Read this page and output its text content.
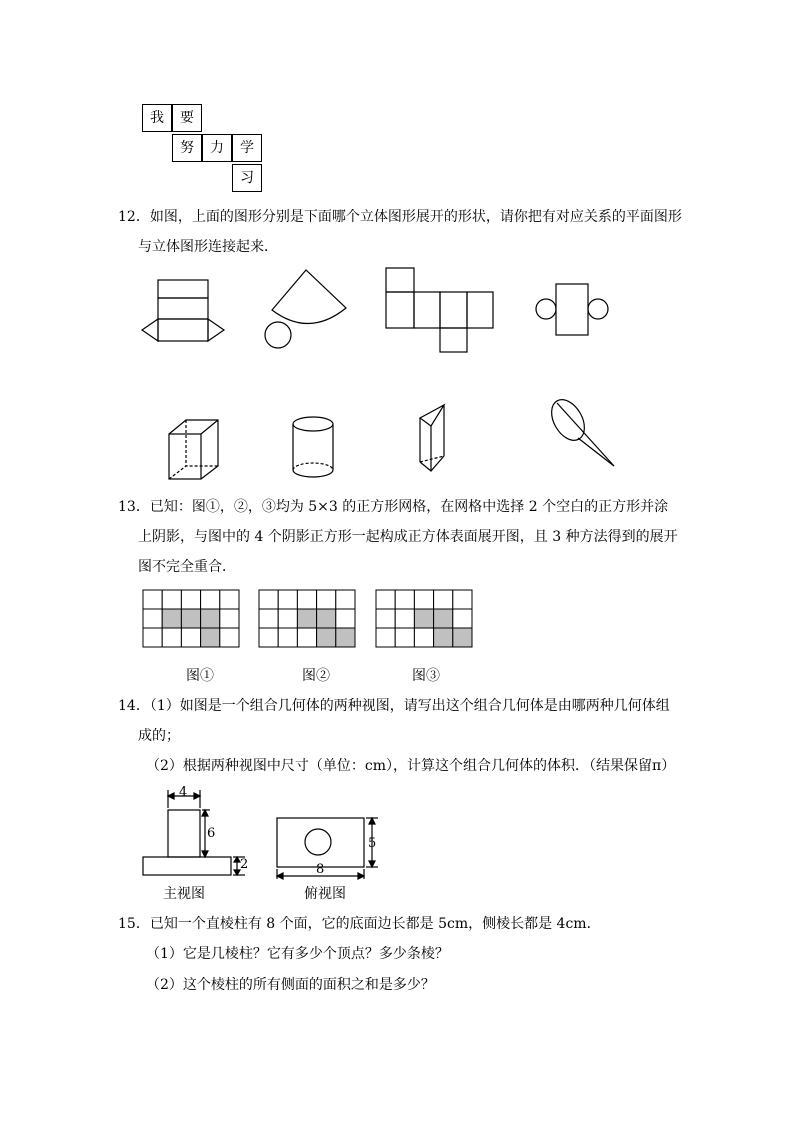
我	要
努	力	学
习
12．如图，上面的图形分别是下面哪个立体图形展开的形状，请你把有对应关系的平面图形
与立体图形连接起来．
13．已知：图①，②，③均为 5×3 的正方形网格，在网格中选择 2 个空白的正方形并涂
上阴影，与图中的 4 个阴影正方形一起构成正方体表面展开图，且 3 种方法得到的展开
图不完全重合．
图①	图②	图③
14．（1）如图是一个组合几何体的两种视图，请写出这个组合几何体是由哪两种几何体组
成的；
（2）根据两种视图中尺寸（单位：cm），计算这个组合几何体的体积．（结果保留π）
4
6
2
5
8
主视图	俯视图
15．已知一个直棱柱有 8 个面，它的底面边长都是 5cm，侧棱长都是 4cm．
（1）它是几棱柱？它有多少个顶点？多少条棱？
（2）这个棱柱的所有侧面的面积之和是多少？
